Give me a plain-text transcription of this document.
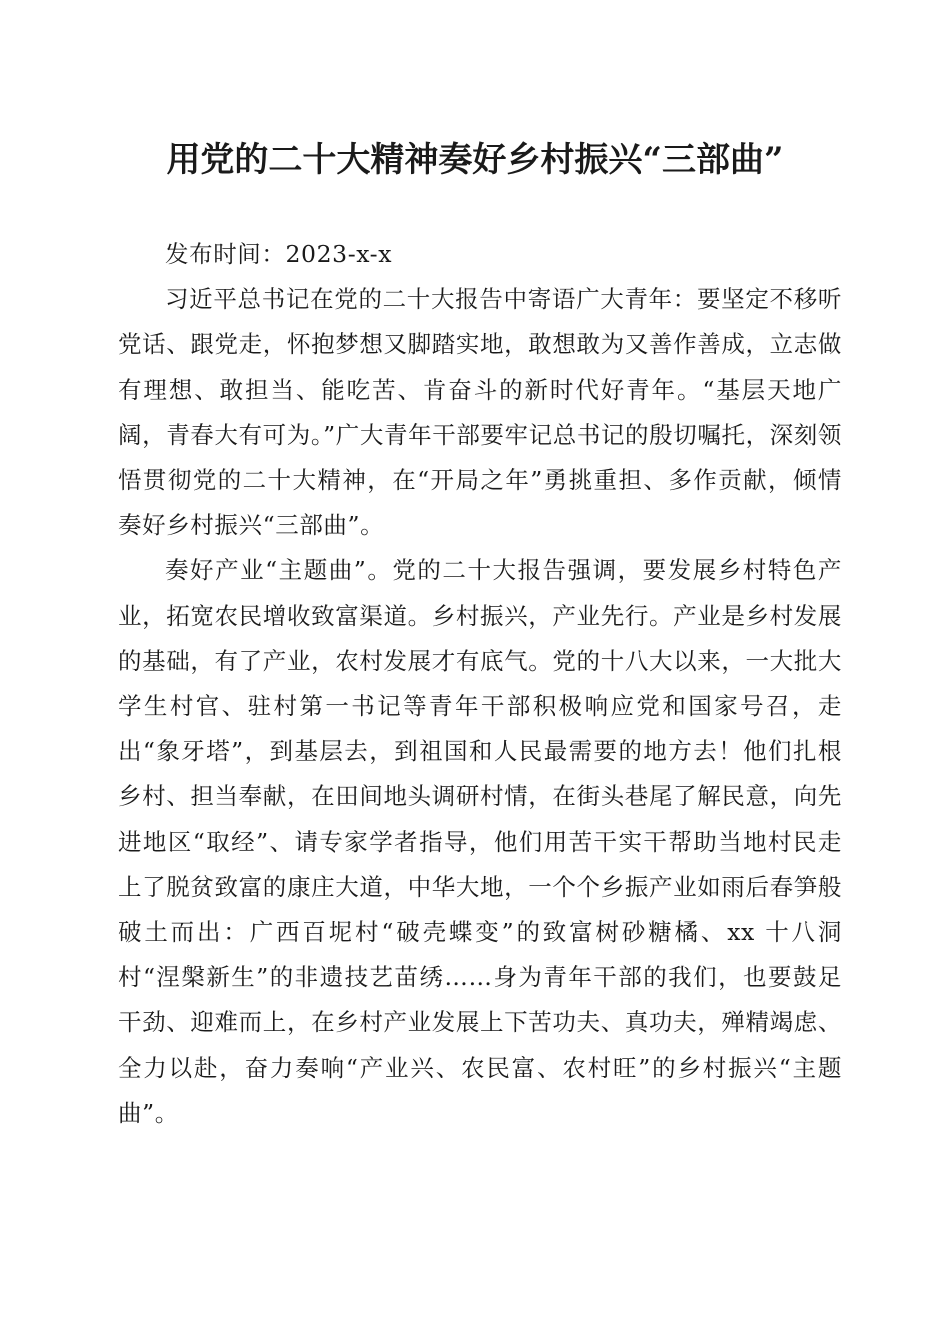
用党的二十大精神奏好乡村振兴“三部曲”

发布时间：2023-x-x

习近平总书记在党的二十大报告中寄语广大青年：要坚定不移听党话、跟党走，怀抱梦想又脚踏实地，敢想敢为又善作善成，立志做有理想、敢担当、能吃苦、肯奋斗的新时代好青年。“基层天地广阔，青春大有可为。”广大青年干部要牢记总书记的殷切嘱托，深刻领悟贯彻党的二十大精神，在“开局之年”勇挑重担、多作贡献，倾情奏好乡村振兴“三部曲”。

奏好产业“主题曲”。党的二十大报告强调，要发展乡村特色产业，拓宽农民增收致富渠道。乡村振兴，产业先行。产业是乡村发展的基础，有了产业，农村发展才有底气。党的十八大以来，一大批大学生村官、驻村第一书记等青年干部积极响应党和国家号召，走出“象牙塔”，到基层去，到祖国和人民最需要的地方去！他们扎根乡村、担当奉献，在田间地头调研村情，在街头巷尾了解民意，向先进地区“取经”、请专家学者指导，他们用苦干实干帮助当地村民走上了脱贫致富的康庄大道，中华大地，一个个乡振产业如雨后春笋般破土而出：广西百坭村“破壳蝶变”的致富树砂糖橘、xx 十八洞村“涅槃新生”的非遗技艺苗绣……身为青年干部的我们，也要鼓足干劲、迎难而上，在乡村产业发展上下苦功夫、真功夫，殚精竭虑、全力以赴，奋力奏响“产业兴、农民富、农村旺”的乡村振兴“主题曲”。
